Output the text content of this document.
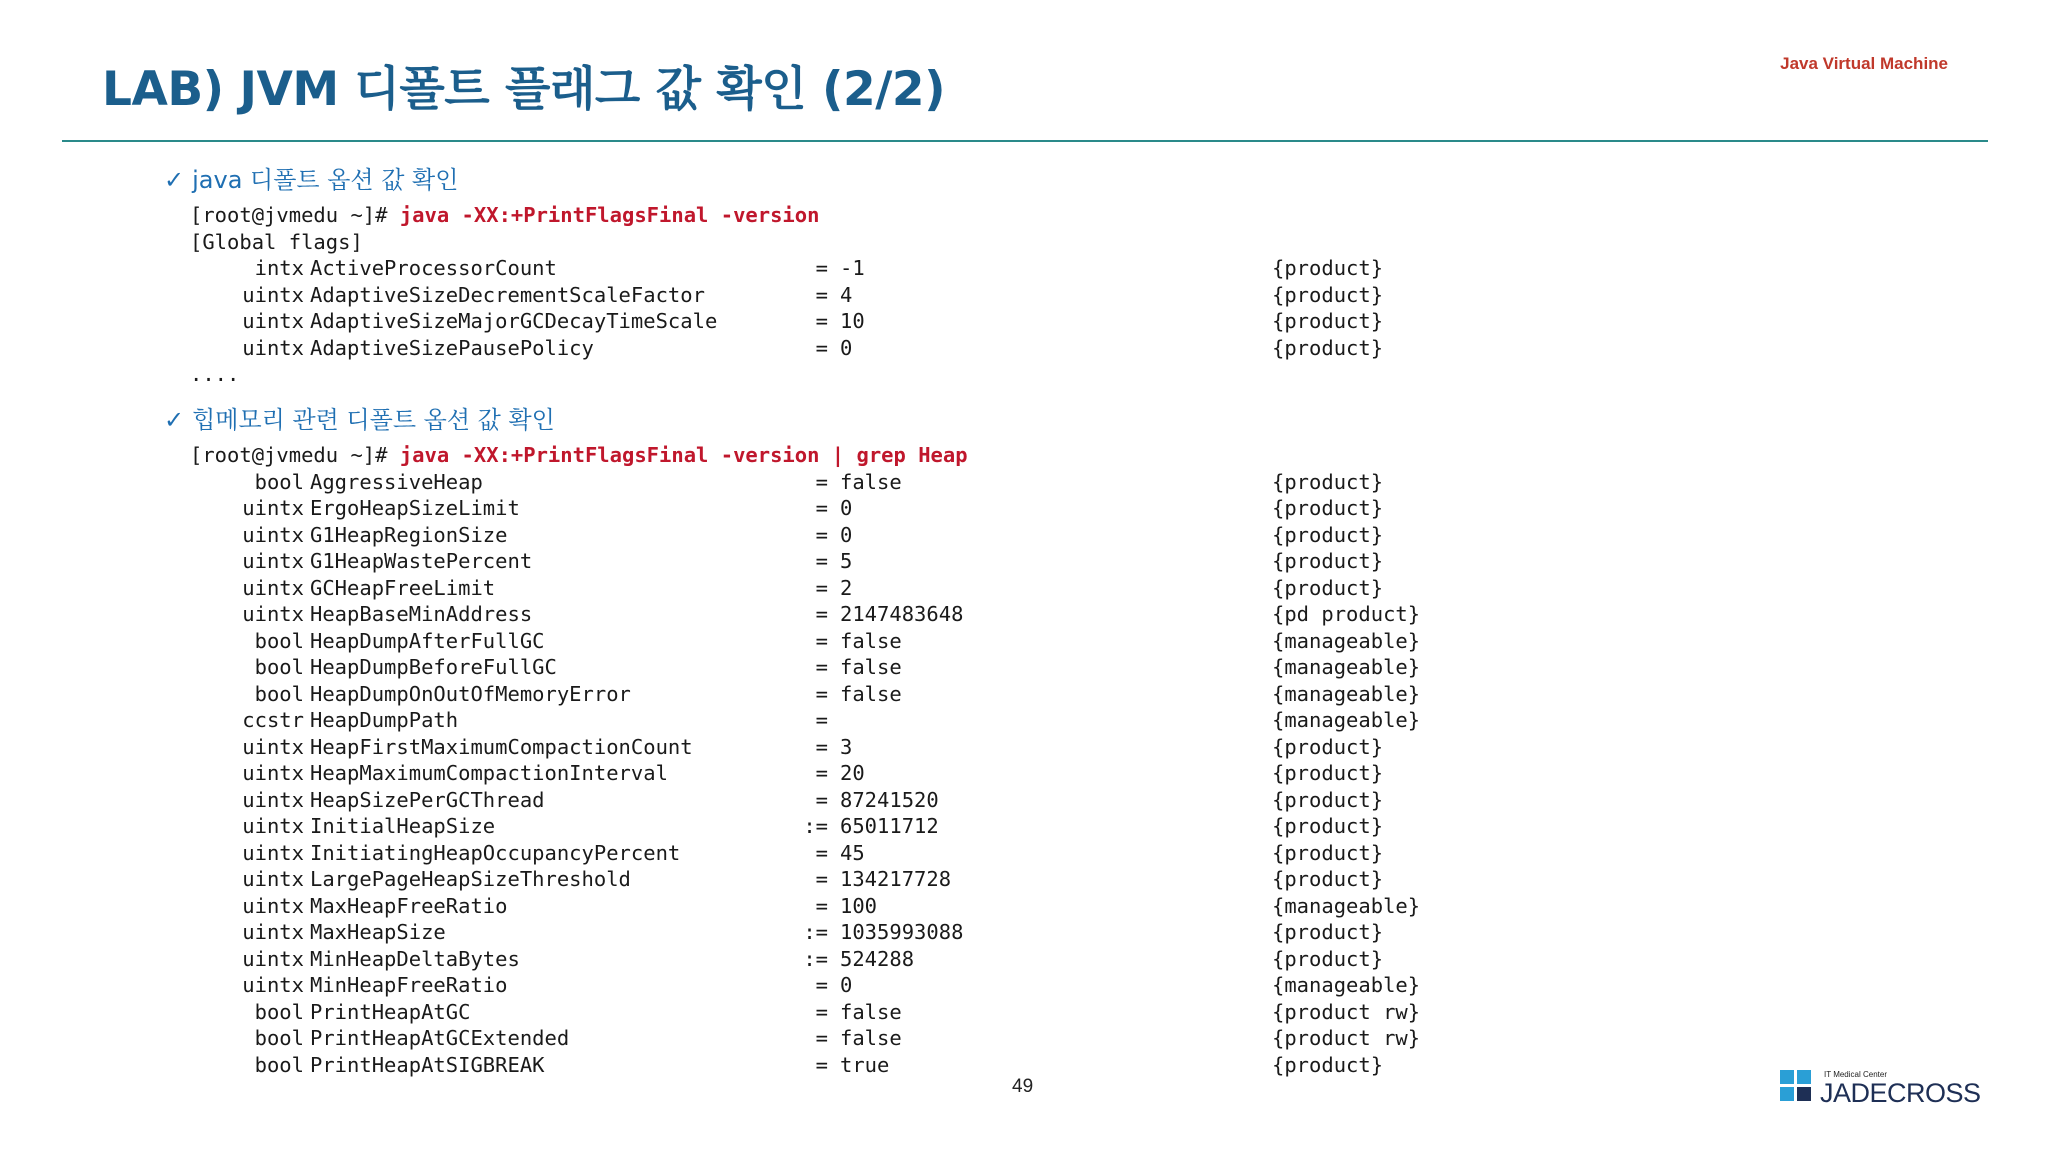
LAB) JVM 디폴트 플래그 값 확인 (2/2)	Java Virtual Machine
✓ java 디폴트 옵션 값 확인
[root@jvmedu ~]# java -XX:+PrintFlagsFinal -version
[Global flags]
intx ActiveProcessorCount	= -1	{product}
uintx AdaptiveSizeDecrementScaleFactor	= 4	{product}
uintx AdaptiveSizeMajorGCDecayTimeScale	= 10	{product}
uintx AdaptiveSizePausePolicy	= 0	{product}
....
✓ 힙메모리 관련 디폴트 옵션 값 확인
[root@jvmedu ~]# java -XX:+PrintFlagsFinal -version | grep Heap
bool AggressiveHeap	= false	{product}
uintx ErgoHeapSizeLimit	= 0	{product}
uintx G1HeapRegionSize	= 0	{product}
uintx G1HeapWastePercent	= 5	{product}
uintx GCHeapFreeLimit	= 2	{product}
uintx HeapBaseMinAddress	= 2147483648	{pd product}
bool HeapDumpAfterFullGC	= false	{manageable}
bool HeapDumpBeforeFullGC	= false	{manageable}
bool HeapDumpOnOutOfMemoryError	= false	{manageable}
ccstr HeapDumpPath	=	{manageable}
uintx HeapFirstMaximumCompactionCount	= 3	{product}
uintx HeapMaximumCompactionInterval	= 20	{product}
uintx HeapSizePerGCThread	= 87241520	{product}
uintx InitialHeapSize	:= 65011712	{product}
uintx InitiatingHeapOccupancyPercent	= 45	{product}
uintx LargePageHeapSizeThreshold	= 134217728	{product}
uintx MaxHeapFreeRatio	= 100	{manageable}
uintx MaxHeapSize	:= 1035993088	{product}
uintx MinHeapDeltaBytes	:= 524288	{product}
uintx MinHeapFreeRatio	= 0	{manageable}
bool PrintHeapAtGC	= false	{product rw}
bool PrintHeapAtGCExtended	= false	{product rw}
bool PrintHeapAtSIGBREAK	= true	{product}
49
IT Medical Center
JADECROSS
